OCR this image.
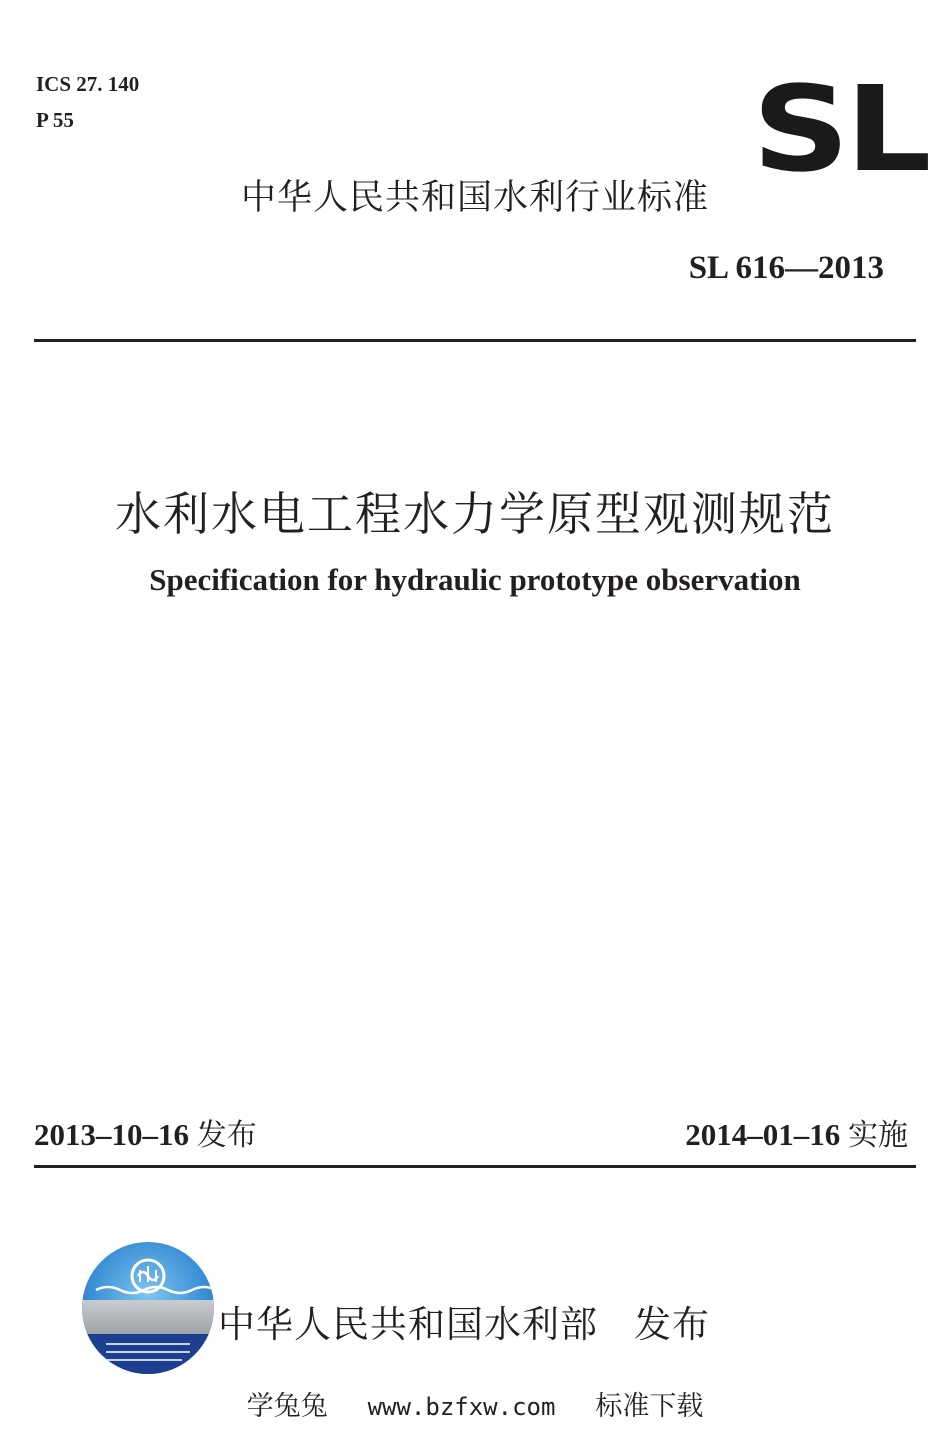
ICS 27. 140
P 55	SL
中华人民共和国水利行业标准
SL 616—2013
水利水电工程水力学原型观测规范
Specification for hydraulic prototype observation
2013–10–16 发布	2014–01–16 实施
中华人民共和国水利部 发布
学兔兔 www.bzfxw.com 标准下载
